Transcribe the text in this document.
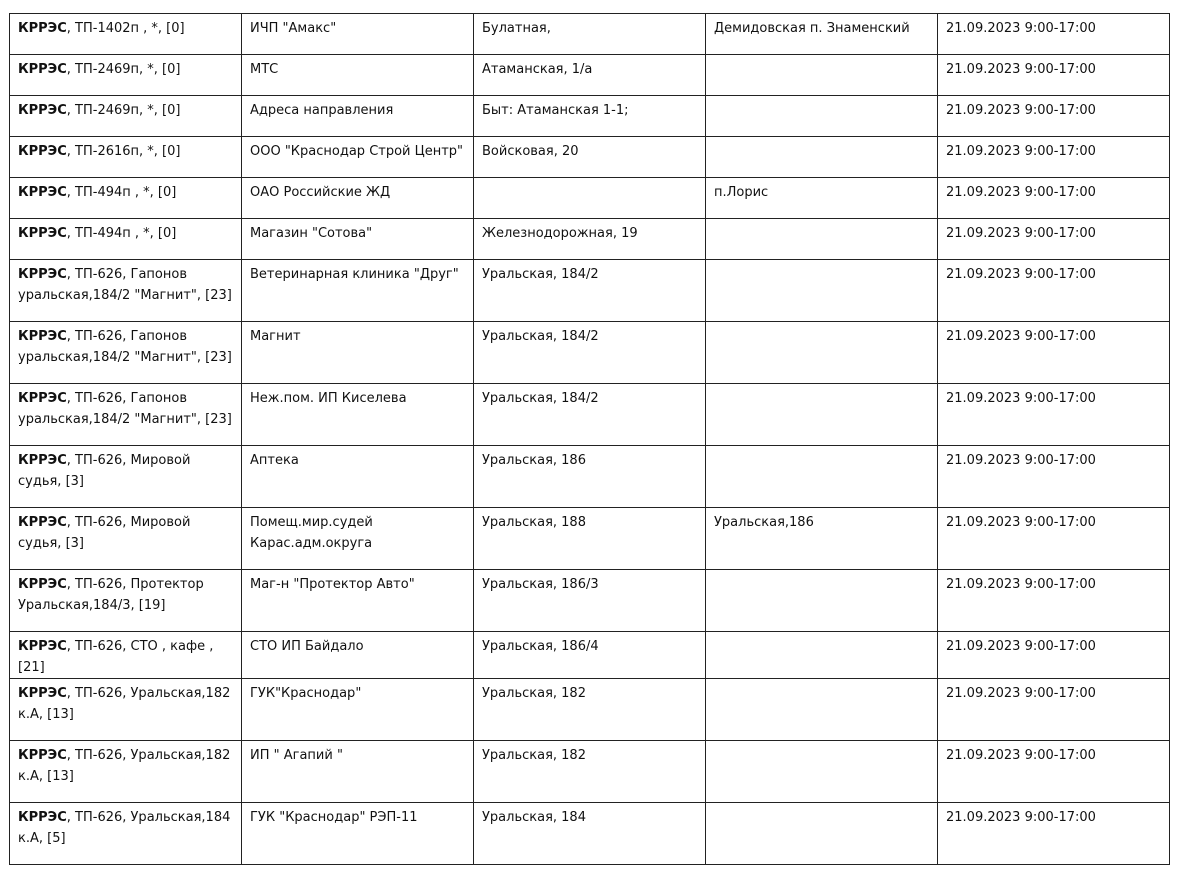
КРРЭС, ТП-1402п , *, [0]	ИЧП "Амакс"	Булатная,	Демидовская п. Знаменский	21.09.2023 9:00-17:00
КРРЭС, ТП-2469п, *, [0]	МТС	Атаманская, 1/а		21.09.2023 9:00-17:00
КРРЭС, ТП-2469п, *, [0]	Адреса направления	Быт: Атаманская 1-1;		21.09.2023 9:00-17:00
КРРЭС, ТП-2616п, *, [0]	ООО "Краснодар Строй Центр"	Войсковая, 20		21.09.2023 9:00-17:00
КРРЭС, ТП-494п , *, [0]	ОАО Российские ЖД		п.Лорис	21.09.2023 9:00-17:00
КРРЭС, ТП-494п , *, [0]	Магазин "Сотова"	Железнодорожная, 19		21.09.2023 9:00-17:00
КРРЭС, ТП-626, Гапонов уральская,184/2 "Магнит", [23]	Ветеринарная клиника "Друг"	Уральская, 184/2		21.09.2023 9:00-17:00
КРРЭС, ТП-626, Гапонов уральская,184/2 "Магнит", [23]	Магнит	Уральская, 184/2		21.09.2023 9:00-17:00
КРРЭС, ТП-626, Гапонов уральская,184/2 "Магнит", [23]	Неж.пом. ИП Киселева	Уральская, 184/2		21.09.2023 9:00-17:00
КРРЭС, ТП-626, Мировой судья, [3]	Аптека	Уральская, 186		21.09.2023 9:00-17:00
КРРЭС, ТП-626, Мировой судья, [3]	Помещ.мир.судей Карас.адм.округа	Уральская, 188	Уральская,186	21.09.2023 9:00-17:00
КРРЭС, ТП-626, Протектор Уральская,184/3, [19]	Маг-н "Протектор Авто"	Уральская, 186/3		21.09.2023 9:00-17:00
КРРЭС, ТП-626, СТО , кафе , [21]	СТО ИП Байдало	Уральская, 186/4		21.09.2023 9:00-17:00
КРРЭС, ТП-626, Уральская,182 к.А, [13]	ГУК"Краснодар"	Уральская, 182		21.09.2023 9:00-17:00
КРРЭС, ТП-626, Уральская,182 к.А, [13]	ИП " Агапий "	Уральская, 182		21.09.2023 9:00-17:00
КРРЭС, ТП-626, Уральская,184 к.А, [5]	ГУК "Краснодар" РЭП-11	Уральская, 184		21.09.2023 9:00-17:00
